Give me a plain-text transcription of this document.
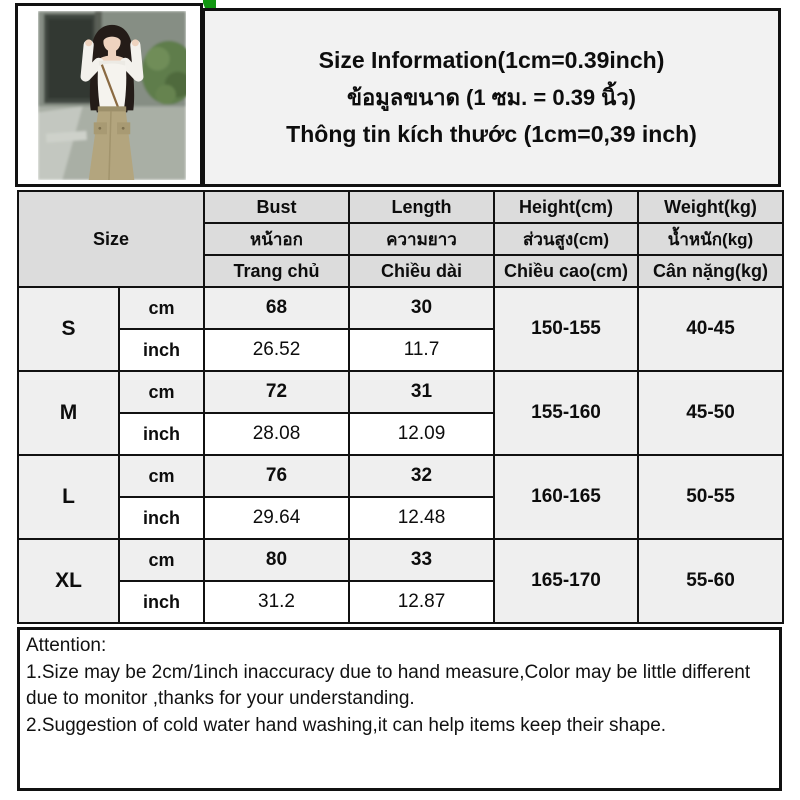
Size Information(1cm=0.39inch)
ข้อมูลขนาด (1 ซม. = 0.39 นิ้ว)
Thông tin kích thước (1cm=0,39 inch)
Size		Bust	Length	Height(cm)	Weight(kg)
		หน้าอก	ความยาว	ส่วนสูง(cm)	น้ำหนัก(kg)
		Trang chủ	Chiều dài	Chiều cao(cm)	Cân nặng(kg)
S	cm	68	30	150-155	40-45
	inch	26.52	11.7		
M	cm	72	31	155-160	45-50
	inch	28.08	12.09		
L	cm	76	32	160-165	50-55
	inch	29.64	12.48		
XL	cm	80	33	165-170	55-60
	inch	31.2	12.87		
Attention:
1.Size may be 2cm/1inch inaccuracy due to hand measure,Color may be little different due to monitor ,thanks for your understanding.
2.Suggestion of cold water hand washing,it can help items keep their shape.
